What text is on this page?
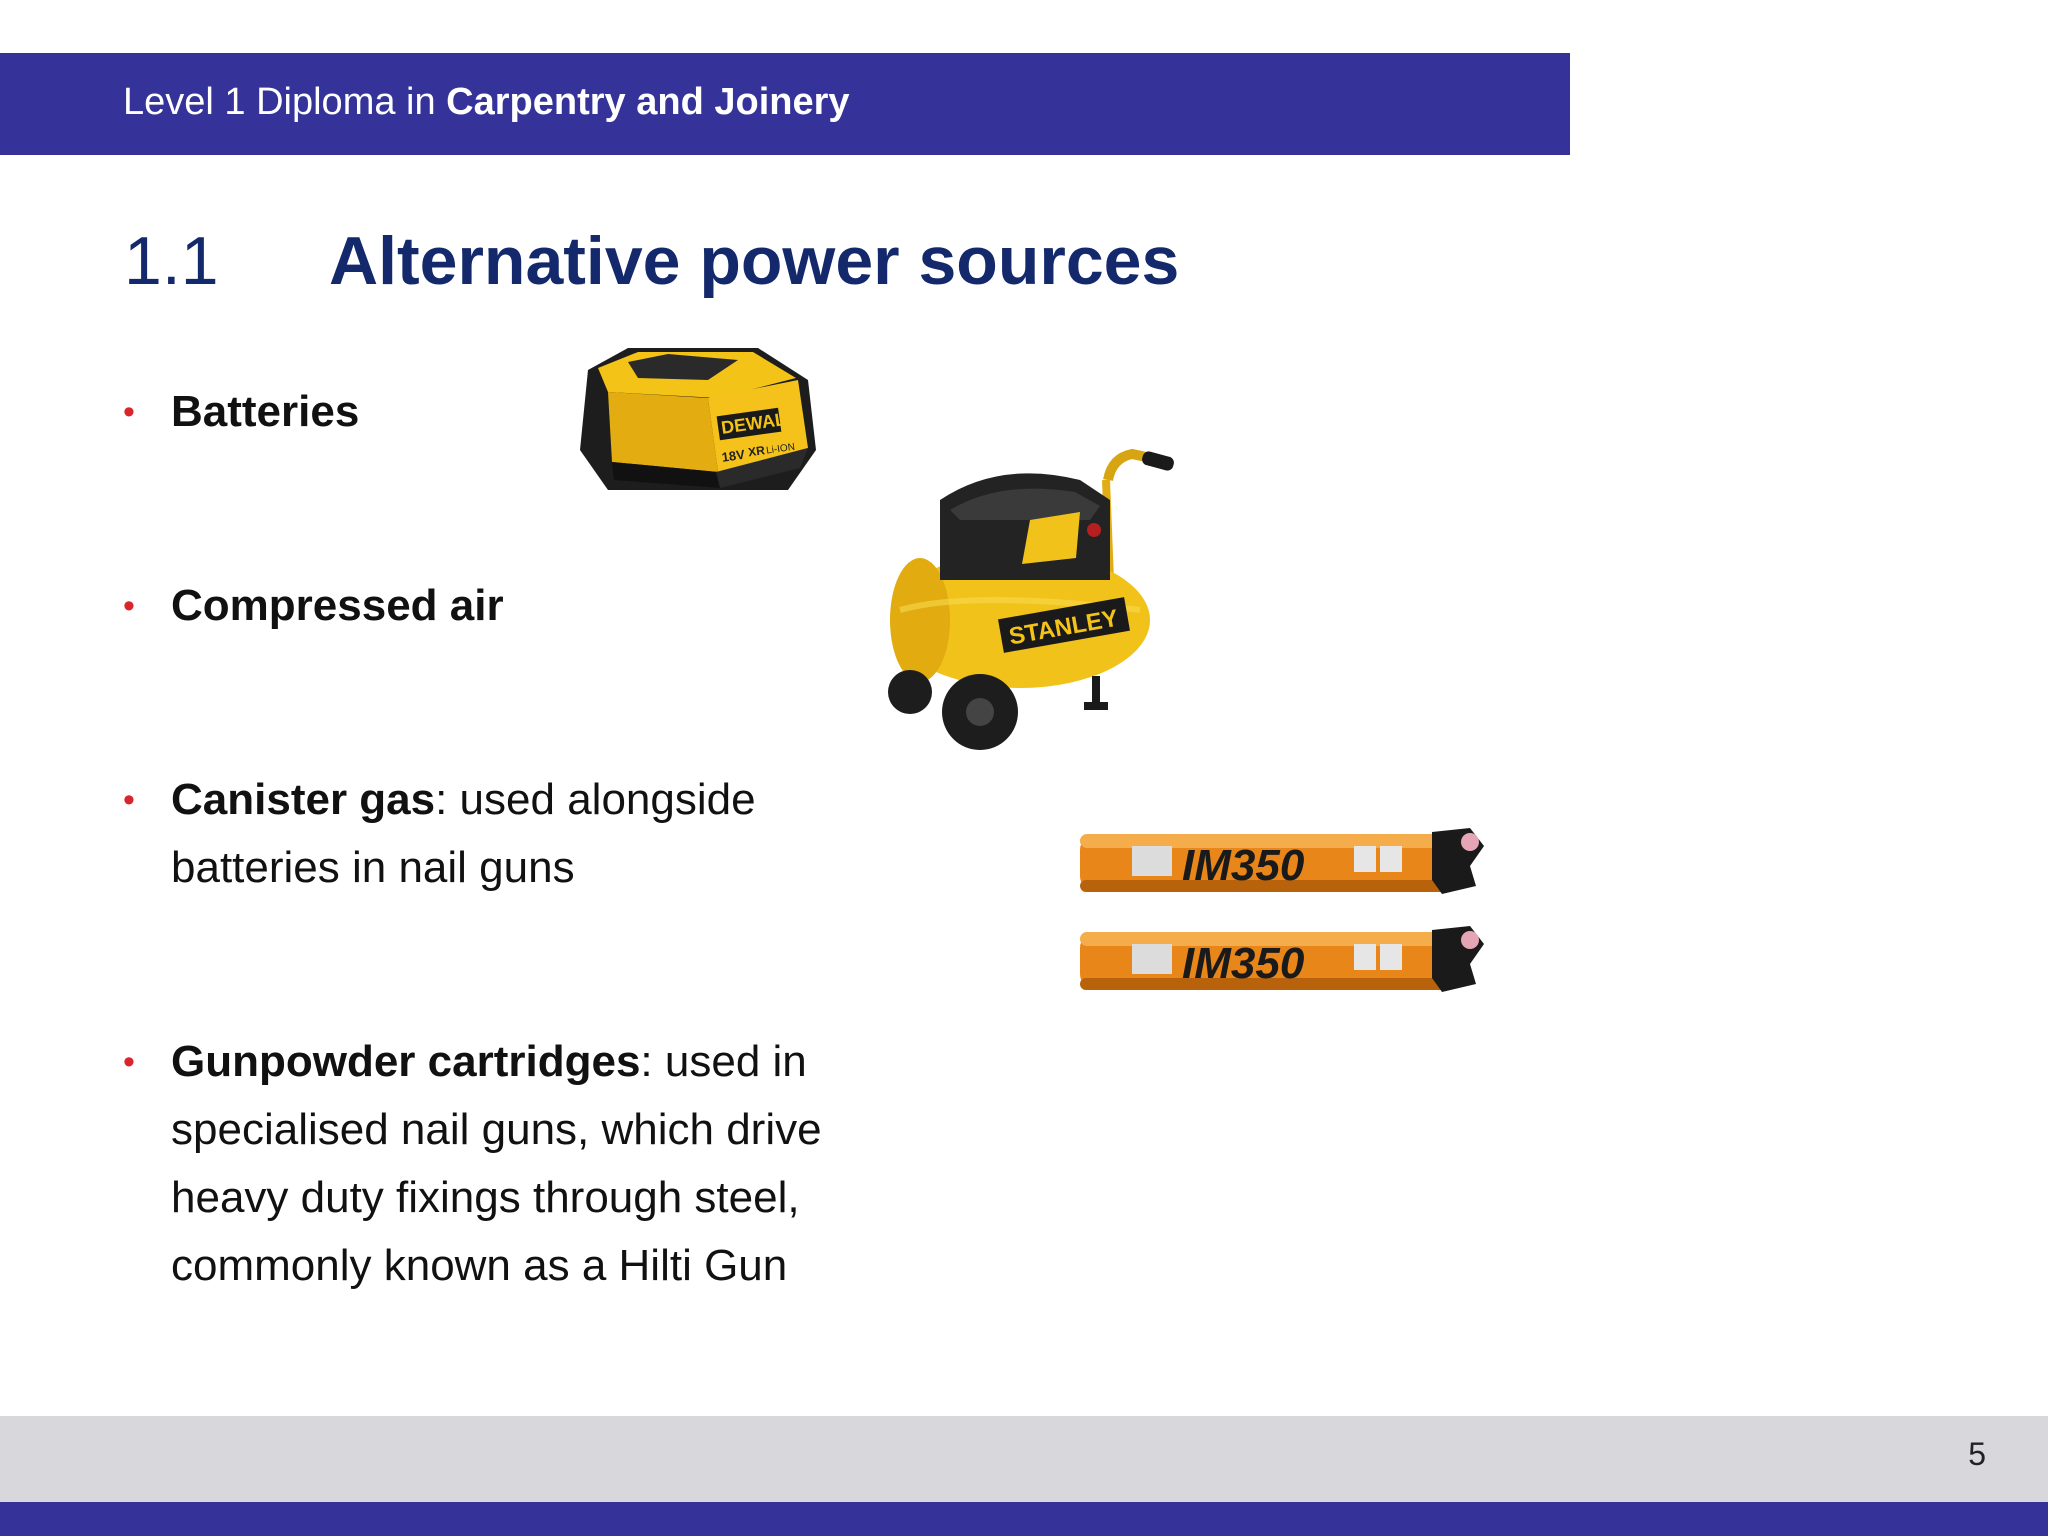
Level 1 Diploma in Carpentry and Joinery
1.1 Alternative power sources
• Batteries
• Compressed air
• Canister gas: used alongside batteries in nail guns
• Gunpowder cartridges: used in specialised nail guns, which drive heavy duty fixings through steel, commonly known as a Hilti Gun
DEWALT
18V XR Li-ION
STANLEY
IM350
IM350
5
